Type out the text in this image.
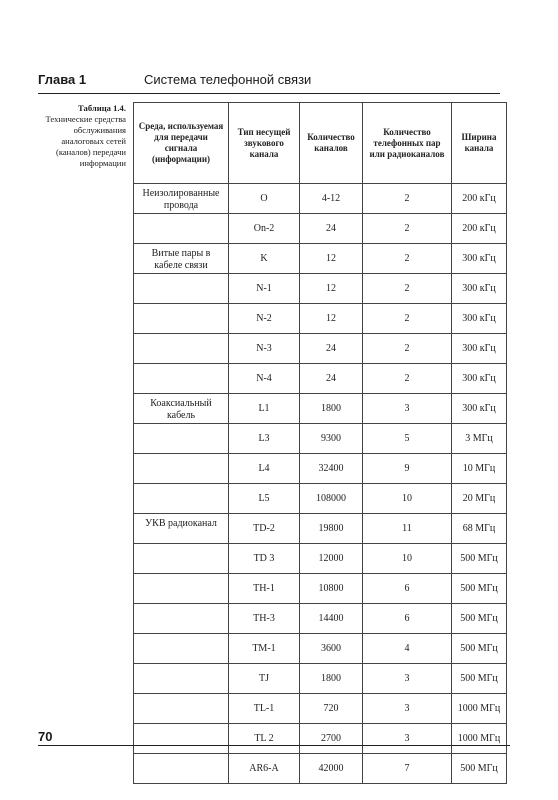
Глава 1	Система телефонной связи
Таблица 1.4.
Технические средства обслуживания аналоговых сетей (каналов) передачи информации
Среда, используемая для передачи сигнала (информации)	Тип несущей звукового канала	Количество каналов	Количество телефонных пар или радиоканалов	Ширина канала
Неизолированные провода	O	4-12	2	200 кГц
	On-2	24	2	200 кГц
Витые пары в кабеле связи	K	12	2	300 кГц
	N-1	12	2	300 кГц
	N-2	12	2	300 кГц
	N-3	24	2	300 кГц
	N-4	24	2	300 кГц
Коаксиальный кабель	L1	1800	3	300 кГц
	L3	9300	5	3 МГц
	L4	32400	9	10 МГц
	L5	108000	10	20 МГц
УКВ радиоканал	TD-2	19800	11	68 МГц
	TD 3	12000	10	500 МГц
	TH-1	10800	6	500 МГц
	TH-3	14400	6	500 МГц
	TM-1	3600	4	500 МГц
	TJ	1800	3	500 МГц
	TL-1	720	3	1000 МГц
	TL 2	2700	3	1000 МГц
	AR6-A	42000	7	500 МГц
70
